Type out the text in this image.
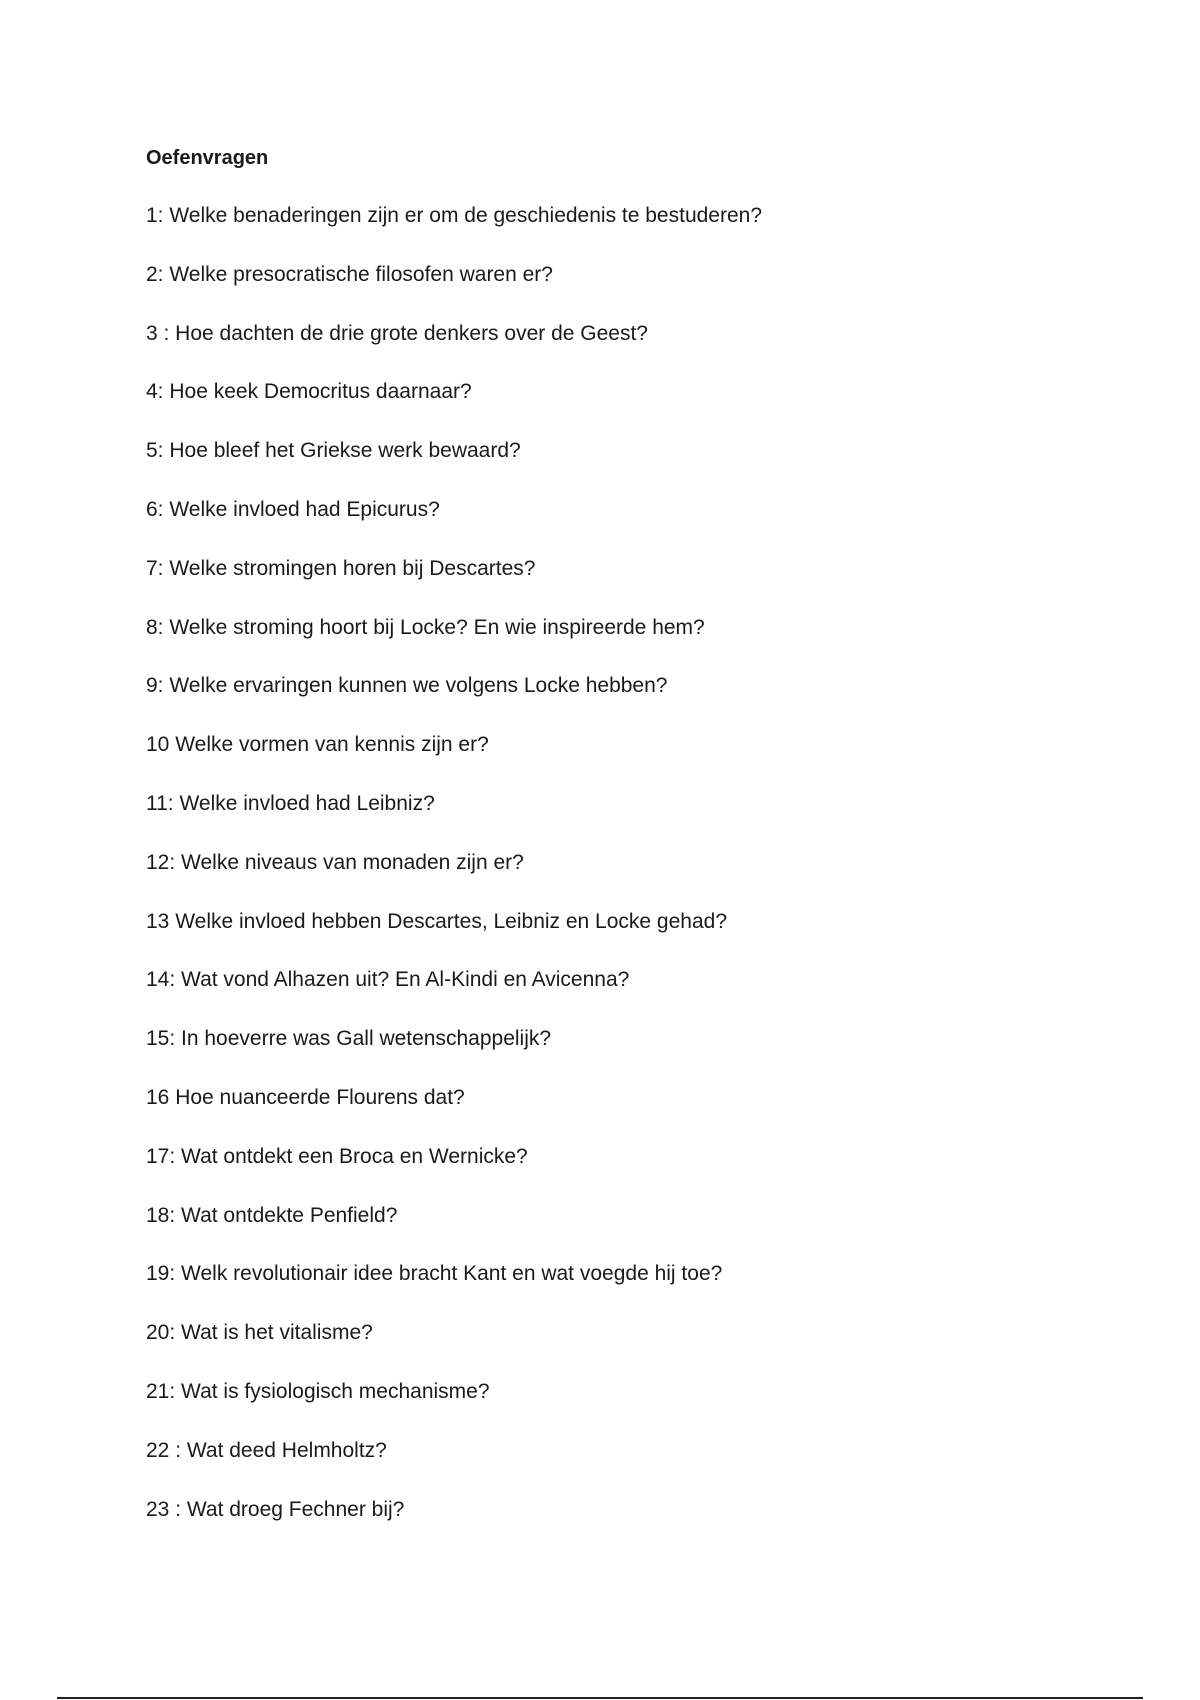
Oefenvragen
1: Welke benaderingen zijn er om de geschiedenis te bestuderen?
2: Welke presocratische filosofen waren er?
3 : Hoe dachten de drie grote denkers over de Geest?
4: Hoe keek Democritus daarnaar?
5: Hoe bleef het Griekse werk bewaard?
6: Welke invloed had Epicurus?
7: Welke stromingen horen bij Descartes?
8: Welke stroming hoort bij Locke? En wie inspireerde hem?
9: Welke ervaringen kunnen we volgens Locke hebben?
10 Welke vormen van kennis zijn er?
11: Welke invloed had Leibniz?
12: Welke niveaus van monaden zijn er?
13 Welke invloed hebben Descartes, Leibniz en Locke gehad?
14: Wat vond Alhazen uit? En Al-Kindi en Avicenna?
15: In hoeverre was Gall wetenschappelijk?
16 Hoe nuanceerde Flourens dat?
17: Wat ontdekt een Broca en Wernicke?
18: Wat ontdekte Penfield?
19: Welk revolutionair idee bracht Kant en wat voegde hij toe?
20: Wat is het vitalisme?
21: Wat is fysiologisch mechanisme?
22 : Wat deed Helmholtz?
23 : Wat droeg Fechner bij?
